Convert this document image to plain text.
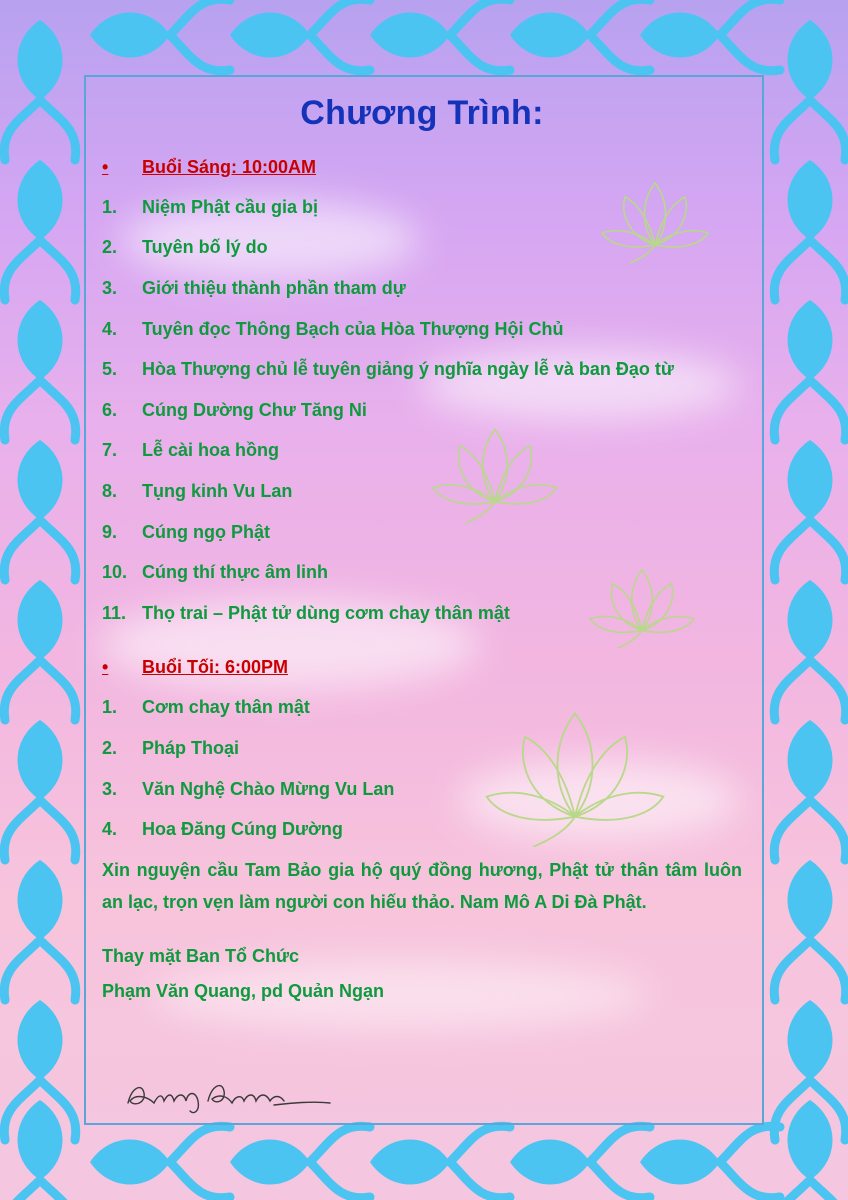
Chương Trình:
•	Buổi Sáng: 10:00AM
1.	Niệm Phật cầu gia bị
2.	Tuyên bố lý do
3.	Giới thiệu thành phần tham dự
4.	Tuyên đọc Thông Bạch của Hòa Thượng Hội Chủ
5.	Hòa Thượng chủ lễ tuyên giảng ý nghĩa ngày lễ và ban Đạo từ
6.	Cúng Dường Chư Tăng Ni
7.	Lễ cài hoa hồng
8.	Tụng kinh Vu Lan
9.	Cúng ngọ Phật
10. Cúng thí thực âm linh
11. Thọ trai – Phật tử dùng cơm chay thân mật
•	Buổi Tối: 6:00PM
1.	Cơm chay thân mật
2.	Pháp Thoại
3.	Văn Nghệ Chào Mừng Vu Lan
4.	Hoa Đăng Cúng Dường
Xin nguyện cầu Tam Bảo gia hộ quý đồng hương, Phật tử thân tâm luôn an lạc, trọn vẹn làm người con hiếu thảo. Nam Mô A Di Đà Phật.
Thay mặt Ban Tổ Chức
Phạm Văn Quang, pd Quản Ngạn
